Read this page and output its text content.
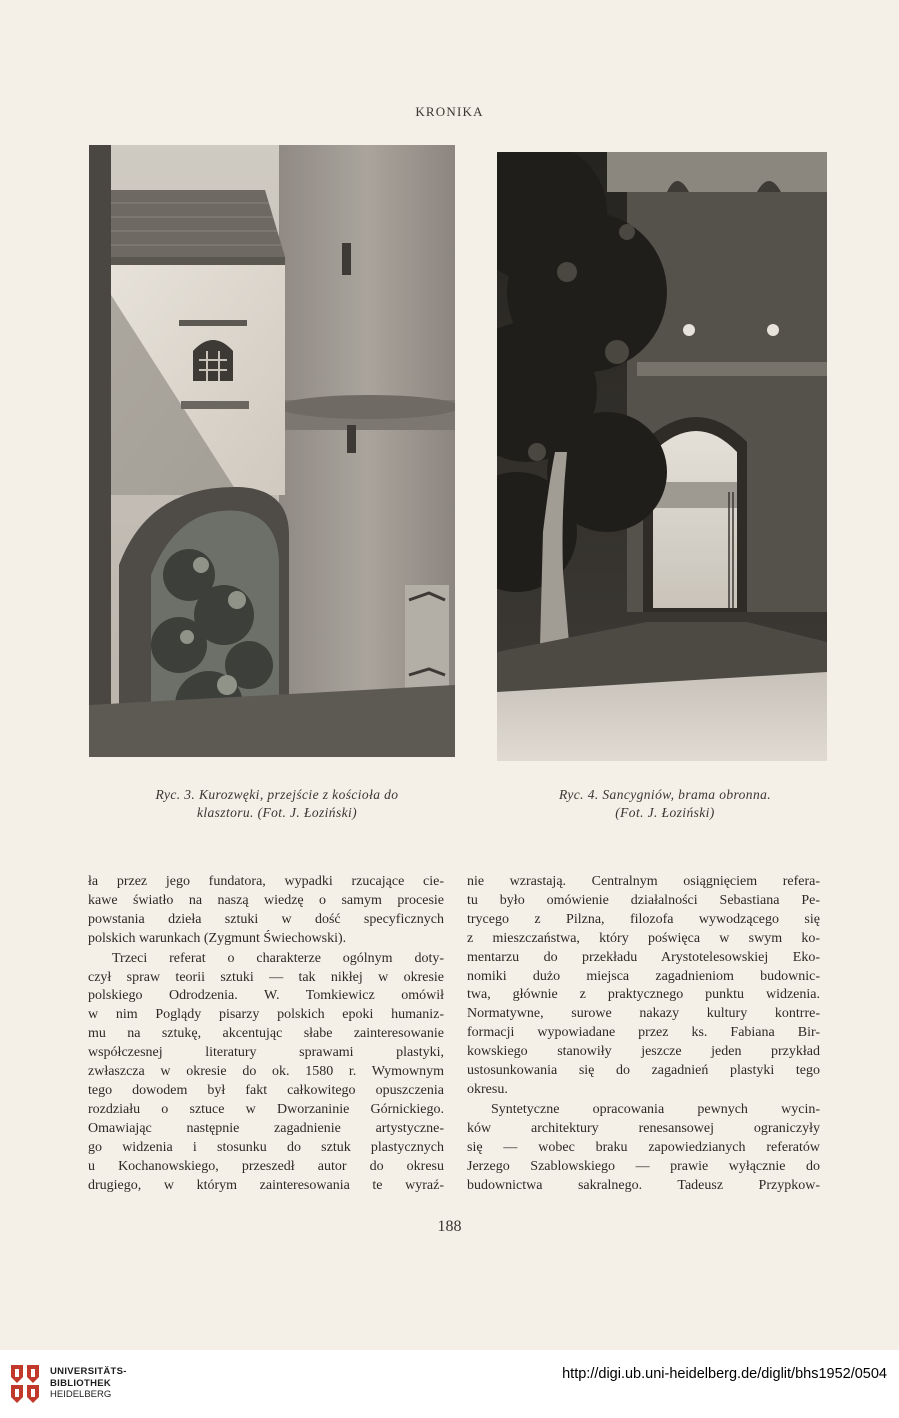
KRONIKA
Ryc. 3. Kurozwęki, przejście z kościoła do
klasztoru. (Fot. J. Łoziński)
Ryc. 4. Sancygniów, brama obronna.
(Fot. J. Łoziński)
ła przez jego fundatora, wypadki rzucające cie-
kawe światło na naszą wiedzę o samym procesie
powstania dzieła sztuki w dość specyficznych
polskich warunkach (Zygmunt Świechowski).
Trzeci referat o charakterze ogólnym doty-
czył spraw teorii sztuki — tak nikłej w okresie
polskiego Odrodzenia. W. Tomkiewicz omówił
w nim Poglądy pisarzy polskich epoki humaniz-
mu na sztukę, akcentując słabe zainteresowanie
współczesnej literatury sprawami plastyki,
zwłaszcza w okresie do ok. 1580 r. Wymownym
tego dowodem był fakt całkowitego opuszczenia
rozdziału o sztuce w Dworzaninie Górnickiego.
Omawiając następnie zagadnienie artystyczne-
go widzenia i stosunku do sztuk plastycznych
u Kochanowskiego, przeszedł autor do okresu
drugiego, w którym zainteresowania te wyraź-
nie wzrastają. Centralnym osiągnięciem refera-
tu było omówienie działalności Sebastiana Pe-
trycego z Pilzna, filozofa wywodzącego się
z mieszczaństwa, który poświęca w swym ko-
mentarzu do przekładu Arystotelesowskiej Eko-
nomiki dużo miejsca zagadnieniom budownic-
twa, głównie z praktycznego punktu widzenia.
Normatywne, surowe nakazy kultury kontrre-
formacji wypowiadane przez ks. Fabiana Bir-
kowskiego stanowiły jeszcze jeden przykład
ustosunkowania się do zagadnień plastyki tego
okresu.
Syntetyczne opracowania pewnych wycin-
ków architektury renesansowej ograniczyły
się — wobec braku zapowiedzianych referatów
Jerzego Szablowskiego — prawie wyłącznie do
budownictwa sakralnego. Tadeusz Przypkow-
188
UNIVERSITÄTS-
BIBLIOTHEK
HEIDELBERG
http://digi.ub.uni-heidelberg.de/diglit/bhs1952/0504
